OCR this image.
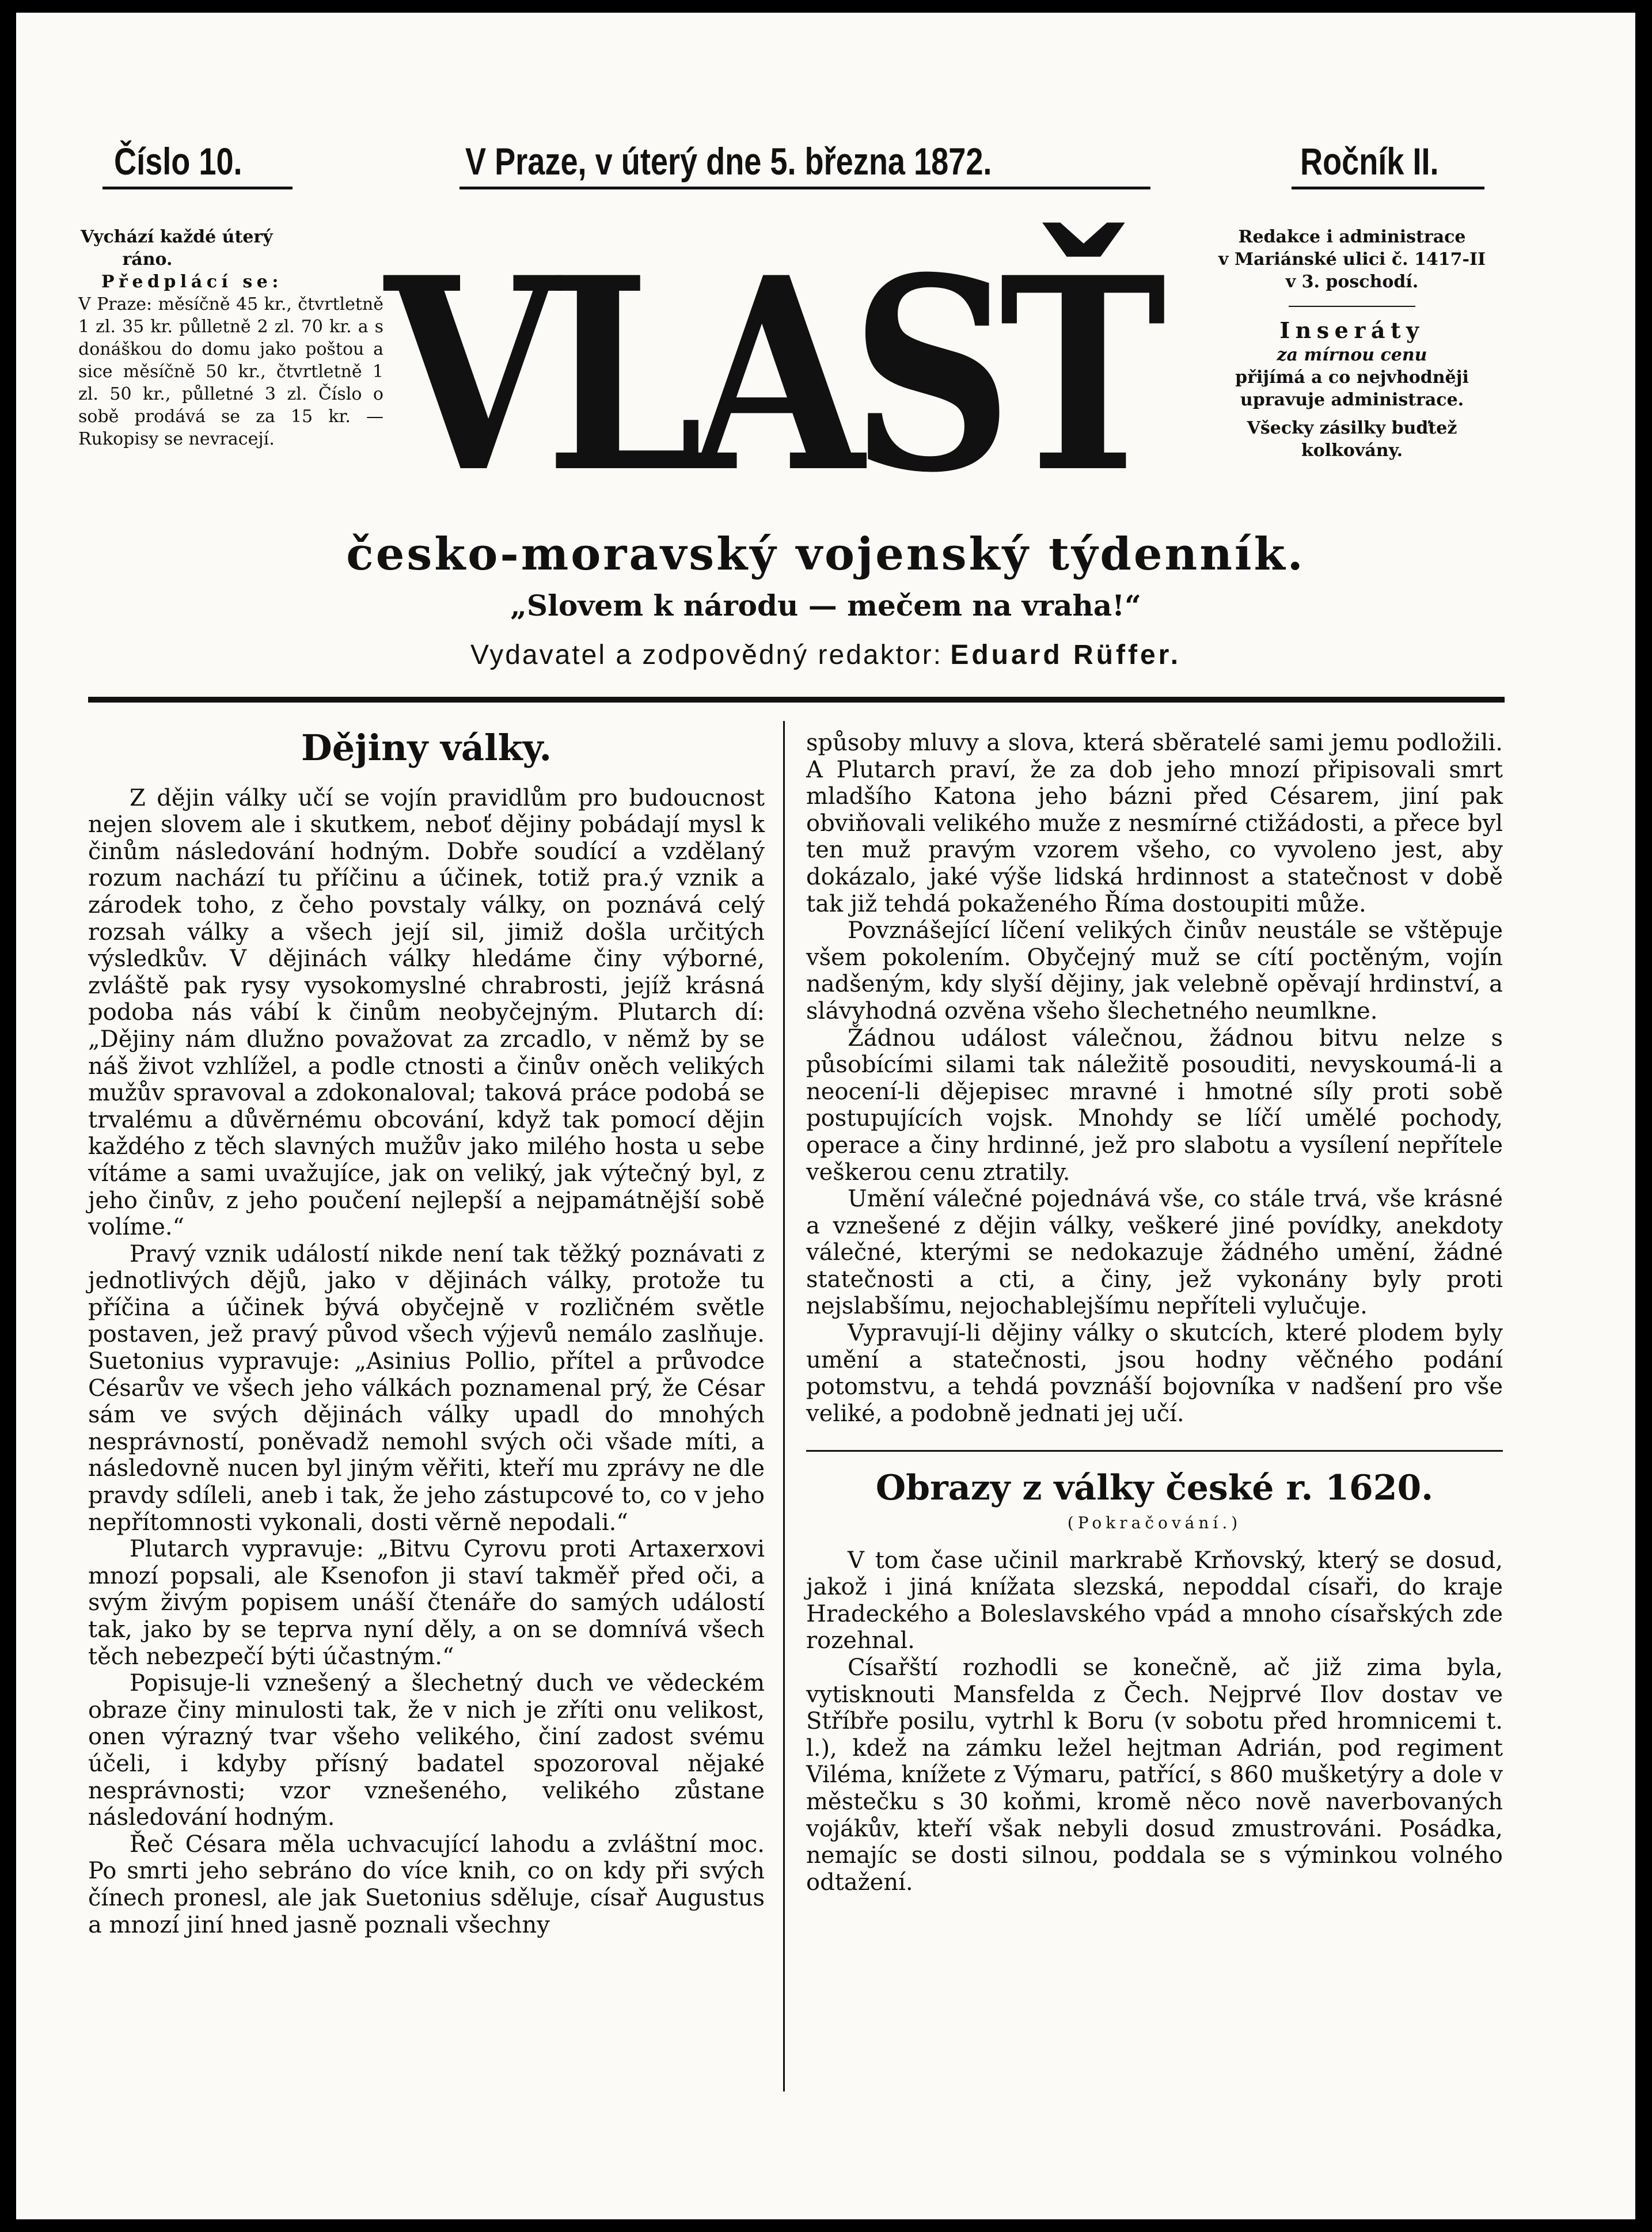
Číslo 10.	V Praze, v úterý dne 5. března 1872.	Ročník II.
Vychází každé úterý
ráno.
Předplácí se:
V Praze: měsíčně 45 kr., čtvrtletně 1 zl. 35 kr. půlletně 2 zl. 70 kr. a s donáškou do domu jako poštou a sice měsíčně 50 kr., čtvrtletně 1 zl. 50 kr., půlletné 3 zl. Číslo o sobě prodává se za 15 kr. — Rukopisy se nevracejí. VLASŤ	Redakce i administrace
v Mariánské ulici č. 1417-II
v 3. poschodí.
Inseráty
za mírnou cenu
přijímá a co nejvhodněji
upravuje administrace.
Všecky zásilky buďtež
kolkovány.
česko-moravský vojenský týdenník.
„Slovem k národu — mečem na vraha!“
Vydavatel a zodpovědný redaktor: Eduard Rüffer.
Dějiny války.

Z dějin války učí se vojín pravidlům pro budoucnost nejen slovem ale i skutkem, neboť dějiny pobádají mysl k činům následování hodným. Dobře soudící a vzdělaný rozum nachází tu příčinu a účinek, totiž pra.ý vznik a zárodek toho, z čeho povstaly války, on poznává celý rozsah války a všech její sil, jimiž došla určitých výsledkův. V dějinách války hledáme činy výborné, zvláště pak rysy vysokomyslné chrabrosti, jejíž krásná podoba nás vábí k činům neobyčejným. Plutarch dí: „Dějiny nám dlužno považovat za zrcadlo, v němž by se náš život vzhlížel, a podle ctnosti a činův oněch velikých mužův spravoval a zdokonaloval; taková práce podobá se trvalému a důvěrnému obcování, když tak pomocí dějin každého z těch slavných mužův jako milého hosta u sebe vítáme a sami uvažujíce, jak on veliký, jak výtečný byl, z jeho činův, z jeho poučení nejlepší a nejpamátnější sobě volíme.“

Pravý vznik událostí nikde není tak těžký poznávati z jednotlivých dějů, jako v dějinách války, protože tu příčina a účinek bývá obyčejně v rozličném světle postaven, jež pravý původ všech výjevů nemálo zaslňuje. Suetonius vypravuje: „Asinius Pollio, přítel a průvodce Césarův ve všech jeho válkách poznamenal prý, že César sám ve svých dějinách války upadl do mnohých nesprávností, poněvadž nemohl svých oči všade míti, a následovně nucen byl jiným věřiti, kteří mu zprávy ne dle pravdy sdíleli, aneb i tak, že jeho zástupcové to, co v jeho nepřítomnosti vykonali, dosti věrně nepodali.“

Plutarch vypravuje: „Bitvu Cyrovu proti Artaxerxovi mnozí popsali, ale Ksenofon ji staví takměř před oči, a svým živým popisem unáší čtenáře do samých událostí tak, jako by se teprva nyní děly, a on se domnívá všech těch nebezpečí býti účastným.“

Popisuje-li vznešený a šlechetný duch ve vědeckém obraze činy minulosti tak, že v nich je zříti onu velikost, onen výrazný tvar všeho velikého, činí zadost svému účeli, i kdyby přísný badatel spozoroval nějaké nesprávnosti; vzor vznešeného, velikého zůstane následování hodným.

Řeč Césara měla uchvacující lahodu a zvláštní moc. Po smrti jeho sebráno do více knih, co on kdy při svých čínech pronesl, ale jak Suetonius sděluje, císař Augustus a mnozí jiní hned jasně poznali všechny

spůsoby mluvy a slova, která sběratelé sami jemu podložili. A Plutarch praví, že za dob jeho mnozí připisovali smrt mladšího Katona jeho bázni před Césarem, jiní pak obviňovali velikého muže z nesmírné ctižádosti, a přece byl ten muž pravým vzorem všeho, co vyvoleno jest, aby dokázalo, jaké výše lidská hrdinnost a statečnost v době tak již tehdá pokaženého Říma dostoupiti může.

Povznášející líčení velikých činův neustále se vštěpuje všem pokolením. Obyčejný muž se cítí poctěným, vojín nadšeným, kdy slyší dějiny, jak velebně opěvají hrdinství, a slávyhodná ozvěna všeho šlechetného neumlkne.

Žádnou událost válečnou, žádnou bitvu nelze s působícími silami tak náležitě posouditi, nevyskoumá-li a neocení-li dějepisec mravné i hmotné síly proti sobě postupujících vojsk. Mnohdy se líčí umělé pochody, operace a činy hrdinné, jež pro slabotu a vysílení nepřítele veškerou cenu ztratily.

Umění válečné pojednává vše, co stále trvá, vše krásné a vznešené z dějin války, veškeré jiné povídky, anekdoty válečné, kterými se nedokazuje žádného umění, žádné statečnosti a cti, a činy, jež vykonány byly proti nejslabšímu, nejochablejšímu nepříteli vylučuje.

Vypravují-li dějiny války o skutcích, které plodem byly umění a statečnosti, jsou hodny věčného podání potomstvu, a tehdá povznáší bojovníka v nadšení pro vše veliké, a podobně jednati jej učí.

Obrazy z války české r. 1620.

(Pokračování.)

V tom čase učinil markrabě Krňovský, který se dosud, jakož i jiná knížata slezská, nepoddal císaři, do kraje Hradeckého a Boleslavského vpád a mnoho císařských zde rozehnal.

Císařští rozhodli se konečně, ač již zima byla, vytisknouti Mansfelda z Čech. Nejprvé Ilov dostav ve Stříbře posilu, vytrhl k Boru (v sobotu před hromnicemi t. l.), kdež na zámku ležel hejtman Adrián, pod regiment Viléma, knížete z Výmaru, patřící, s 860 mušketýry a dole v městečku s 30 koňmi, kromě něco nově naverbovaných vojákův, kteří však nebyli dosud zmustrováni. Posádka, nemajíc se dosti silnou, poddala se s výminkou volného odtažení.
